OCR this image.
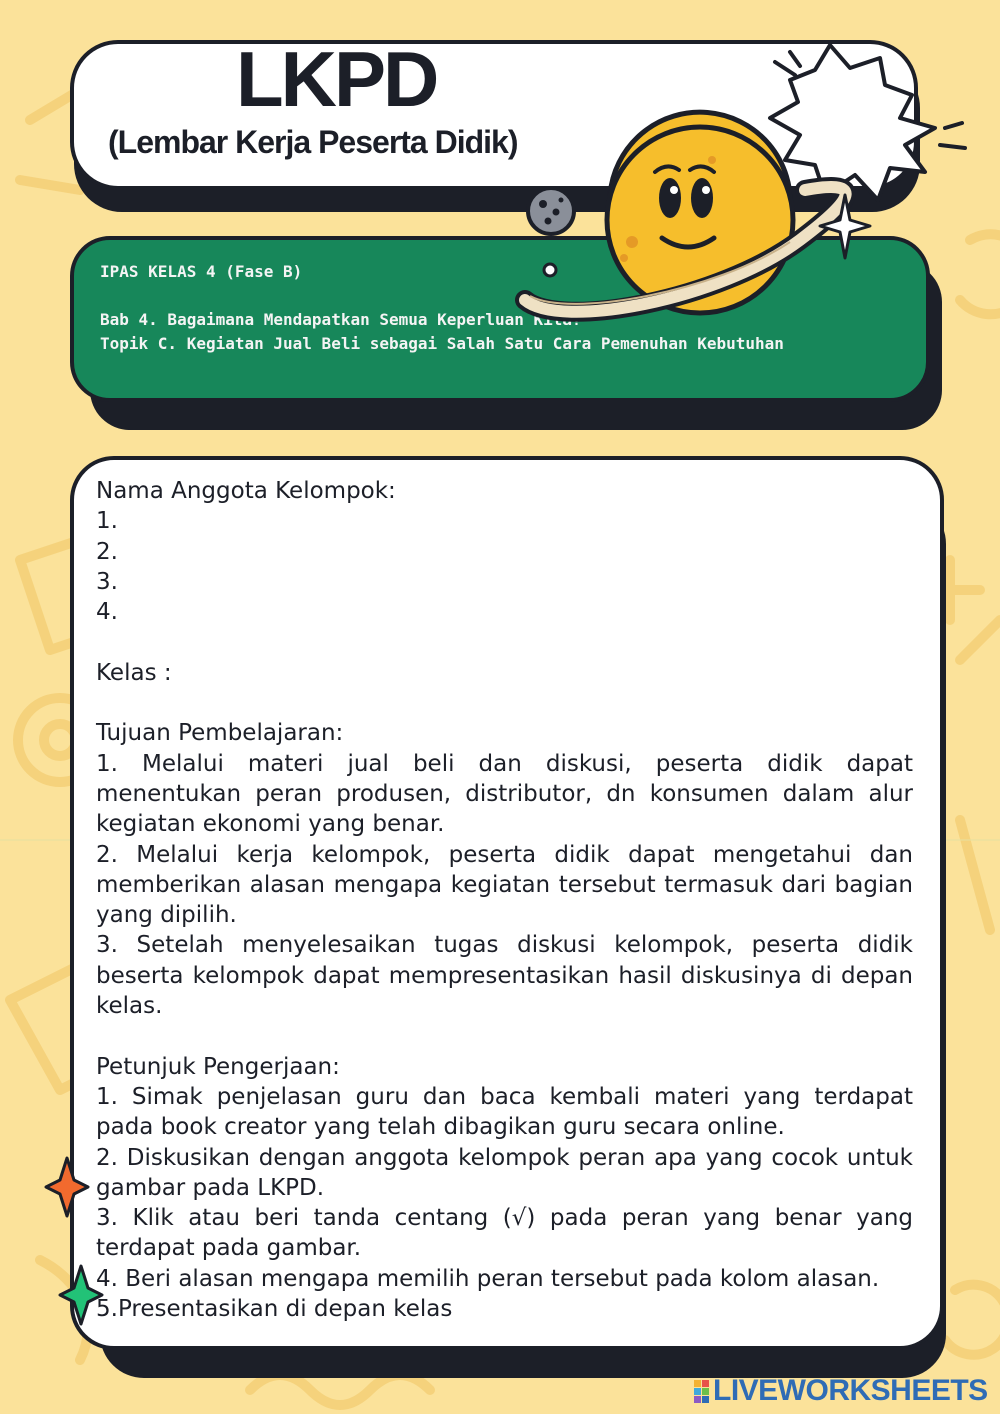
LKPD
(Lembar Kerja Peserta Didik)

IPAS KELAS 4 (Fase B)

Bab 4. Bagaimana Mendapatkan Semua Keperluan Kita?

Topik C. Kegiatan Jual Beli sebagai Salah Satu Cara Pemenuhan Kebutuhan

Nama Anggota Kelompok:

1.

2.

3.

4.

Kelas :

Tujuan Pembelajaran:

1. Melalui materi jual beli dan diskusi, peserta didik dapat menentukan peran produsen, distributor, dn konsumen dalam alur kegiatan ekonomi yang benar.

2. Melalui kerja kelompok, peserta didik dapat mengetahui dan memberikan alasan mengapa kegiatan tersebut termasuk dari bagian yang dipilih.

3. Setelah menyelesaikan tugas diskusi kelompok, peserta didik beserta kelompok dapat mempresentasikan hasil diskusinya di depan kelas.

Petunjuk Pengerjaan:

1. Simak penjelasan guru dan baca kembali materi yang terdapat pada book creator yang telah dibagikan guru secara online.

2. Diskusikan dengan anggota kelompok peran apa yang cocok untuk gambar pada LKPD.

3. Klik atau beri tanda centang (√) pada peran yang benar yang terdapat pada gambar.

4. Beri alasan mengapa memilih peran tersebut pada kolom alasan.

5.Presentasikan di depan kelas

LIVEWORKSHEETS
